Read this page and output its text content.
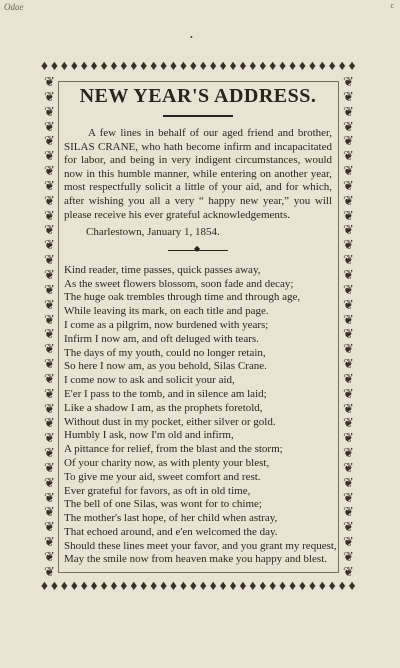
Odae	c
•
♦ ♦ ♦ ♦ ♦ ♦ ♦ ♦ ♦ ♦ ♦ ♦ ♦ ♦ ♦ ♦ ♦ ♦ ♦ ♦ ♦ ♦ ♦ ♦ ♦ ♦ ♦ ♦ ♦ ♦ ♦ ♦
❦
❦
❦
❦
❦
❦
❦
❦
❦
❦
❦
❦
❦
❦
❦
❦
❦
❦
❦
❦
❦
❦
❦
❦
❦
❦
❦
❦
❦
❦
❦
❦
❦
❦
❦
❦
❦
❦
❦
❦
❦
❦
❦
❦
❦
❦
❦
❦
❦
❦
❦
❦
❦
❦
❦
❦
❦
❦
❦
❦
❦
❦
❦
❦
❦
❦
❦
❦
♦ ♦ ♦ ♦ ♦ ♦ ♦ ♦ ♦ ♦ ♦ ♦ ♦ ♦ ♦ ♦ ♦ ♦ ♦ ♦ ♦ ♦ ♦ ♦ ♦ ♦ ♦ ♦ ♦ ♦ ♦ ♦
NEW YEAR'S ADDRESS.

A few lines in behalf of our aged friend and brother, SILAS CRANE, who hath become infirm and incapacitated for labor, and being in very indigent circumstances, would now in this humble manner, while entering on another year, most respectfully solicit a little of your aid, and for which, after wishing you all a very “ happy new year,” you will please receive his ever grateful acknowledgements.

Charlestown, January 1, 1854.
◆
Kind reader, time passes, quick passes away,
As the sweet flowers blossom, soon fade and decay;
The huge oak trembles through time and through age,
While leaving its mark, on each title and page.
I come as a pilgrim, now burdened with years;
Infirm I now am, and oft deluged with tears.
The days of my youth, could no longer retain,
So here I now am, as you behold, Silas Crane.
I come now to ask and solicit your aid,
E'er I pass to the tomb, and in silence am laid;
Like a shadow I am, as the prophets foretold,
Without dust in my pocket, either silver or gold.
Humbly I ask, now I'm old and infirm,
A pittance for relief, from the blast and the storm;
Of your charity now, as with plenty your blest,
To give me your aid, sweet comfort and rest.
Ever grateful for favors, as oft in old time,
The bell of one Silas, was wont for to chime;
The mother's last hope, of her child when astray,
That echoed around, and e'en welcomed the day.
Should these lines meet your favor, and you grant my request,
May the smile now from heaven make you happy and blest.
